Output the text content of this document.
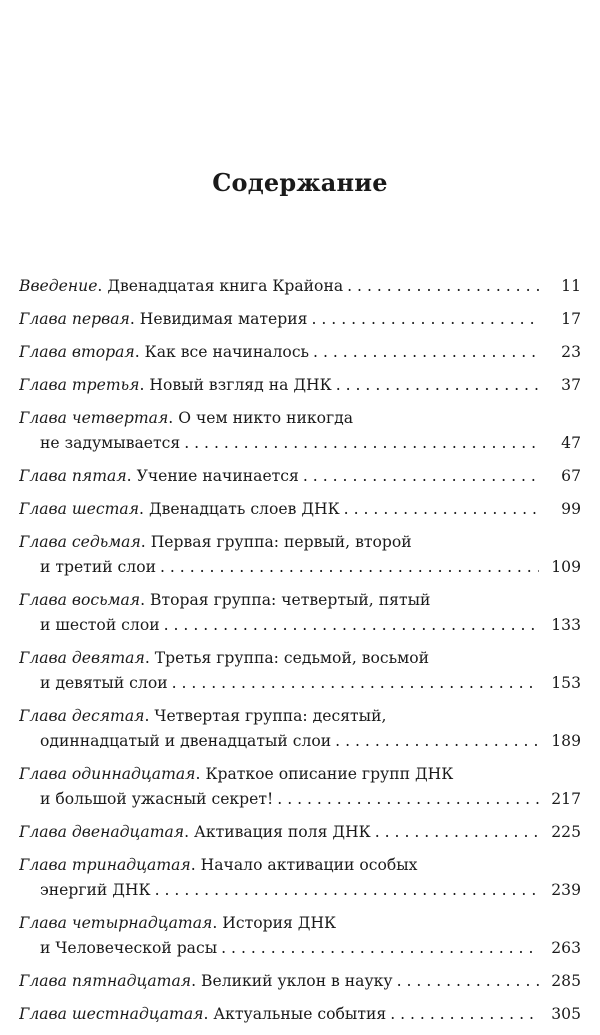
Содержание
Введение. Двенадцатая книга Крайона . . .	11
Глава первая. Невидимая материя . . .	17
Глава вторая. Как все начиналось . . .	23
Глава третья. Новый взгляд на ДНК . . .	37
Глава четвертая. О чем никто никогда
не задумывается . . .	47
Глава пятая. Учение начинается . . .	67
Глава шестая. Двенадцать слоев ДНК . . .	99
Глава седьмая. Первая группа: первый, второй
и третий слои . . .	109
Глава восьмая. Вторая группа: четвертый, пятый
и шестой слои . . .	133
Глава девятая. Третья группа: седьмой, восьмой
и девятый слои . . .	153
Глава десятая. Четвертая группа: десятый,
одиннадцатый и двенадцатый слои . . .	189
Глава одиннадцатая. Краткое описание групп ДНК
и большой ужасный секрет! . . .	217
Глава двенадцатая. Активация поля ДНК . . .	225
Глава тринадцатая. Начало активации особых
энергий ДНК . . .	239
Глава четырнадцатая. История ДНК
и Человеческой расы . . .	263
Глава пятнадцатая. Великий уклон в науку . . .	285
Глава шестнадцатая. Актуальные события . . .	305
